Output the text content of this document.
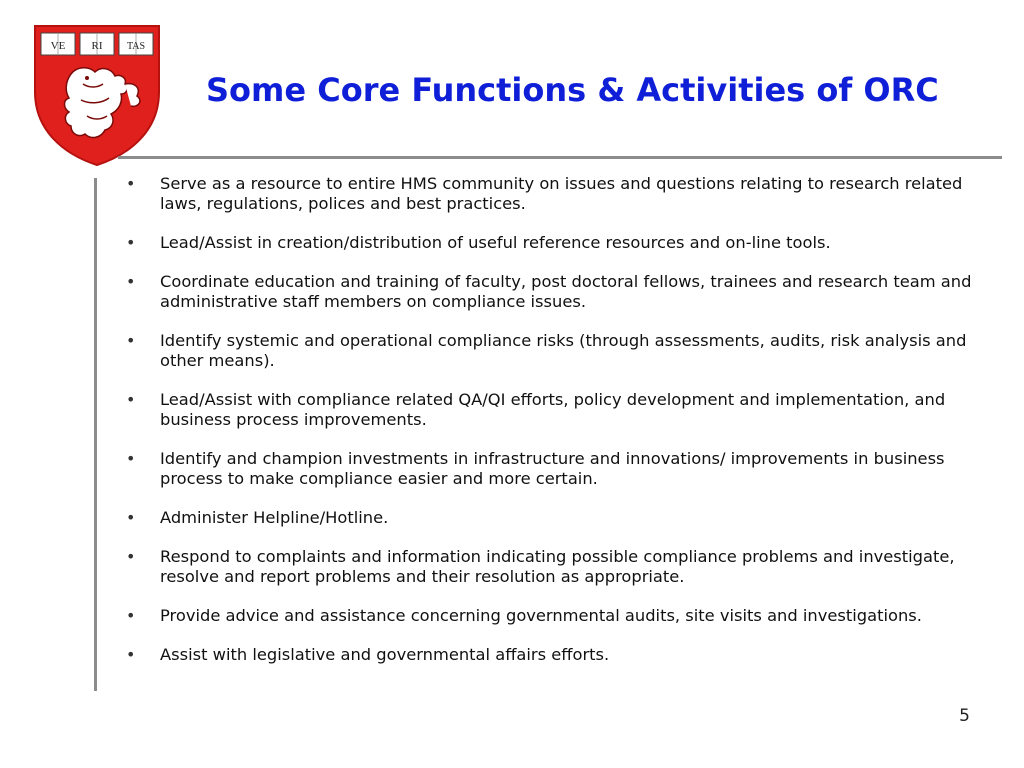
VE RI TAS
Some Core Functions & Activities of ORC
• Serve as a resource to entire HMS community on issues and questions relating to research related laws, regulations, polices and best practices.
• Lead/Assist in creation/distribution of useful reference resources and on-line tools.
• Coordinate education and training of faculty, post doctoral fellows, trainees and research team and administrative staff members on compliance issues.
• Identify systemic and operational compliance risks (through assessments, audits, risk analysis and other means).
• Lead/Assist with compliance related QA/QI efforts, policy development and implementation, and business process improvements.
• Identify and champion investments in infrastructure and innovations/ improvements in business process to make compliance easier and more certain.
• Administer Helpline/Hotline.
• Respond to complaints and information indicating possible compliance problems and investigate, resolve and report problems and their resolution as appropriate.
• Provide advice and assistance concerning governmental audits, site visits and investigations.
• Assist with legislative and governmental affairs efforts.
5
